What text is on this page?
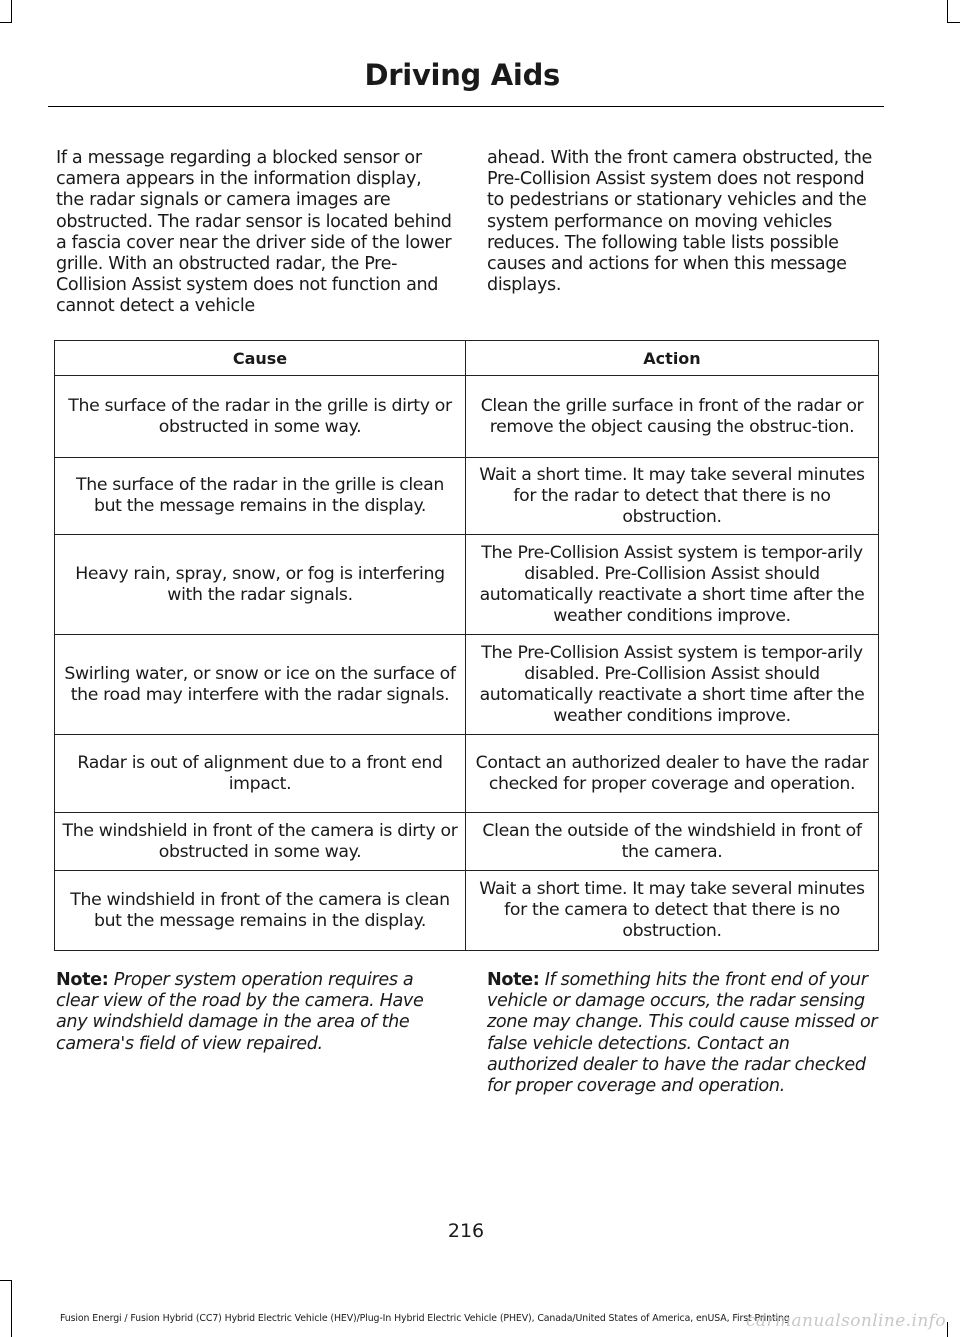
Driving Aids
If a message regarding a blocked sensor or camera appears in the information display, the radar signals or camera images are obstructed. The radar sensor is located behind a fascia cover near the driver side of the lower grille. With an obstructed radar, the Pre-Collision Assist system does not function and cannot detect a vehicle
ahead. With the front camera obstructed, the Pre-Collision Assist system does not respond to pedestrians or stationary vehicles and the system performance on moving vehicles reduces. The following table lists possible causes and actions for when this message displays.
Cause	Action
The surface of the radar in the grille is dirty or obstructed in some way.	Clean the grille surface in front of the radar or remove the object causing the obstruc-tion.
The surface of the radar in the grille is clean but the message remains in the display.	Wait a short time. It may take several minutes for the radar to detect that there is no obstruction.
Heavy rain, spray, snow, or fog is interfering with the radar signals.	The Pre-Collision Assist system is tempor-arily disabled. Pre-Collision Assist should automatically reactivate a short time after the weather conditions improve.
Swirling water, or snow or ice on the surface of the road may interfere with the radar signals.	The Pre-Collision Assist system is tempor-arily disabled. Pre-Collision Assist should automatically reactivate a short time after the weather conditions improve.
Radar is out of alignment due to a front end impact.	Contact an authorized dealer to have the radar checked for proper coverage and operation.
The windshield in front of the camera is dirty or obstructed in some way.	Clean the outside of the windshield in front of the camera.
The windshield in front of the camera is clean but the message remains in the display.	Wait a short time. It may take several minutes for the camera to detect that there is no obstruction.
Note: Proper system operation requires a clear view of the road by the camera. Have any windshield damage in the area of the camera's field of view repaired.
Note: If something hits the front end of your vehicle or damage occurs, the radar sensing zone may change. This could cause missed or false vehicle detections. Contact an authorized dealer to have the radar checked for proper coverage and operation.
216
Fusion Energi / Fusion Hybrid (CC7) Hybrid Electric Vehicle (HEV)/Plug-In Hybrid Electric Vehicle (PHEV), Canada/United States of America, enUSA, First Printing
carmanualsonline.info
